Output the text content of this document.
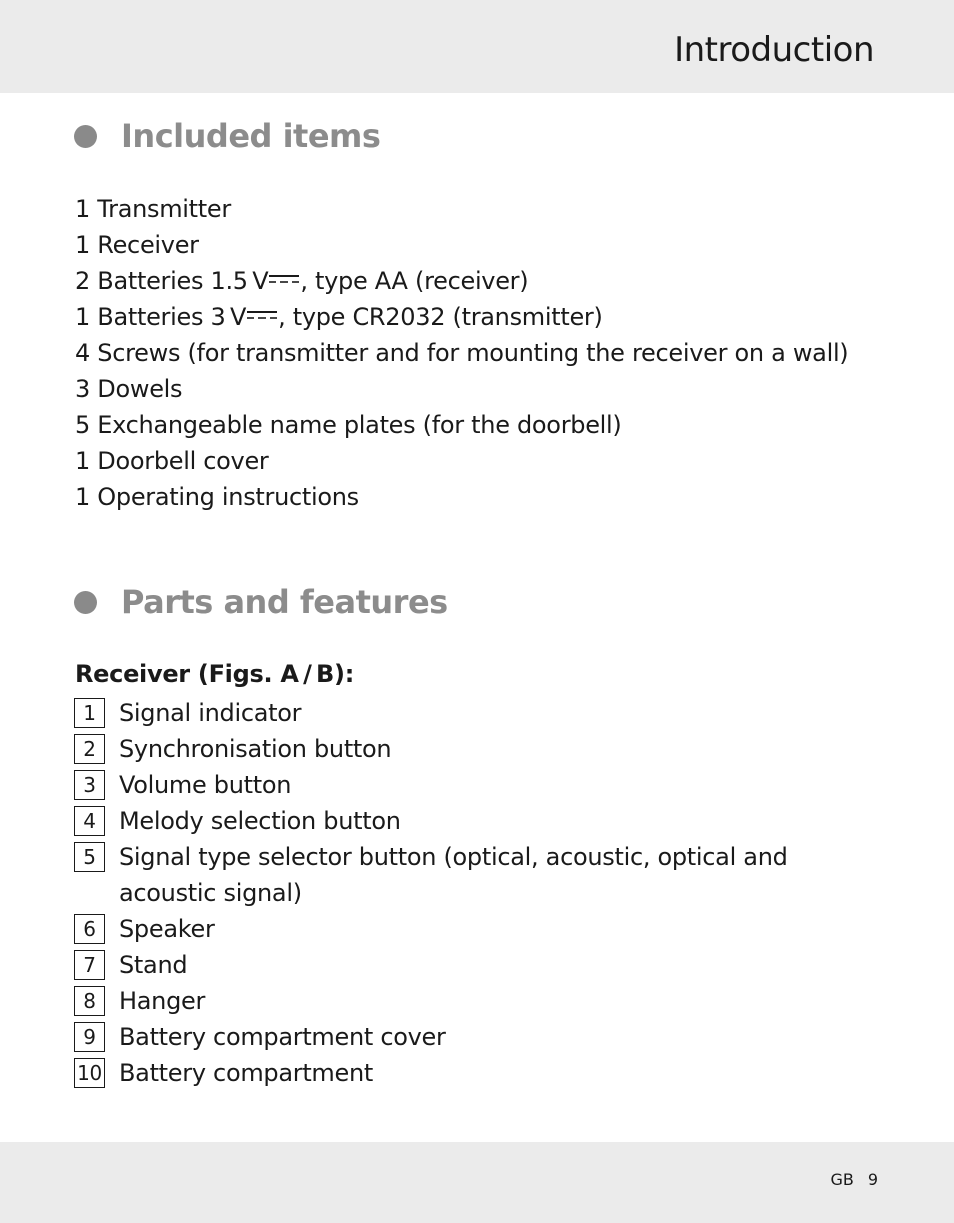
Introduction
Included items
1 Transmitter
1 Receiver
2 Batteries 1.5 V , type AA (receiver)
1 Batteries 3 V , type CR2032 (transmitter)
4 Screws (for transmitter and for mounting the receiver on a wall)
3 Dowels
5 Exchangeable name plates (for the doorbell)
1 Doorbell cover
1 Operating instructions
Parts and features
Receiver (Figs. A / B):
1 Signal indicator
2 Synchronisation button
3 Volume button
4 Melody selection button
5 Signal type selector button (optical, acoustic, optical and acoustic signal)
6 Speaker
7 Stand
8 Hanger
9 Battery compartment cover
10 Battery compartment
GB 9
